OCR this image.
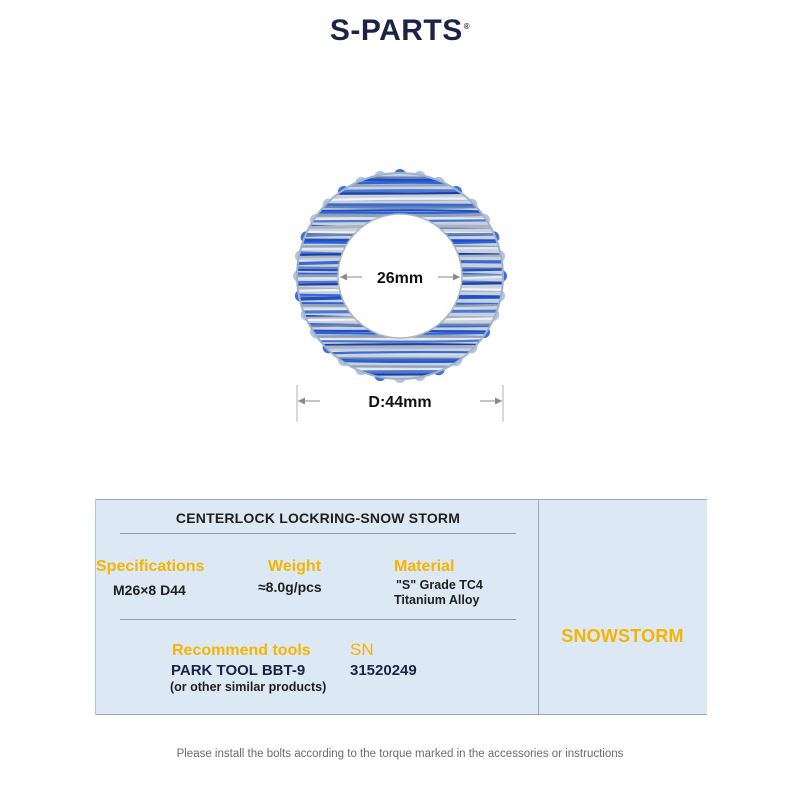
S-PARTS®
26mm
D:44mm
CENTERLOCK LOCKRING-SNOW STORM
Specifications
M26×8 D44
Weight
≈8.0g/pcs
Material
"S" Grade TC4
Titanium Alloy
Recommend tools
PARK TOOL BBT-9
(or other similar products)
SN
31520249
SNOWSTORM
Please install the bolts according to the torque marked in the accessories or instructions
